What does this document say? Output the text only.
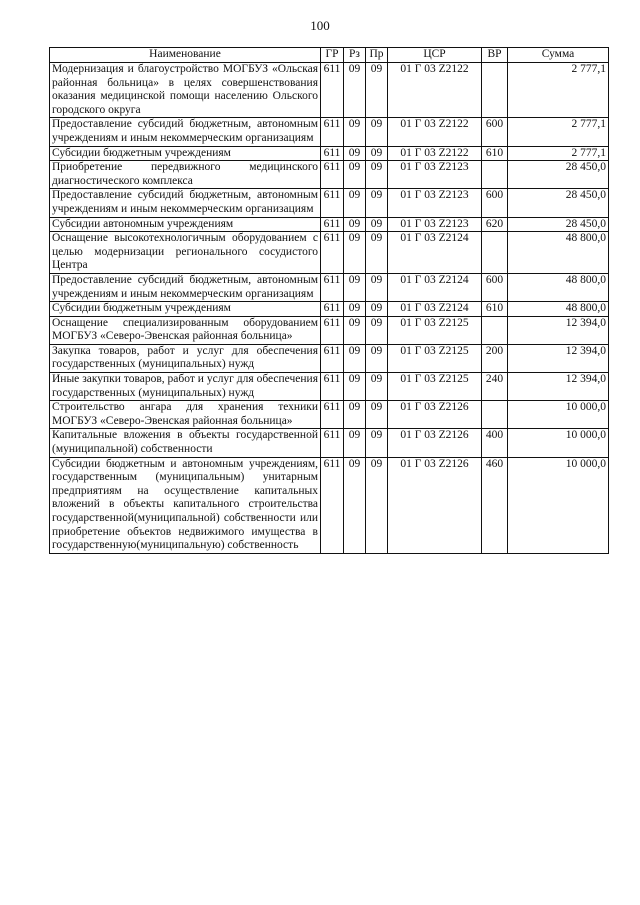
100
Наименование	ГР	Рз	Пр	ЦСР	ВР	Сумма
Модернизация и благоустройство МОГБУЗ «Ольская районная больница» в целях совершенствования оказания медицинской помощи населению Ольского городского округа	611	09	09	01 Г 03 Z2122		2 777,1
Предоставление субсидий бюджетным, автономным учреждениям и иным некоммерческим организациям	611	09	09	01 Г 03 Z2122	600	2 777,1
Субсидии бюджетным учреждениям	611	09	09	01 Г 03 Z2122	610	2 777,1
Приобретение передвижного медицинского диагностического комплекса	611	09	09	01 Г 03 Z2123		28 450,0
Предоставление субсидий бюджетным, автономным учреждениям и иным некоммерческим организациям	611	09	09	01 Г 03 Z2123	600	28 450,0
Субсидии автономным учреждениям	611	09	09	01 Г 03 Z2123	620	28 450,0
Оснащение высокотехнологичным оборудованием с целью модернизации регионального сосудистого Центра	611	09	09	01 Г 03 Z2124		48 800,0
Предоставление субсидий бюджетным, автономным учреждениям и иным некоммерческим организациям	611	09	09	01 Г 03 Z2124	600	48 800,0
Субсидии бюджетным учреждениям	611	09	09	01 Г 03 Z2124	610	48 800,0
Оснащение специализированным оборудованием МОГБУЗ «Северо-Эвенская районная больница»	611	09	09	01 Г 03 Z2125		12 394,0
Закупка товаров, работ и услуг для обеспечения государственных (муниципальных) нужд	611	09	09	01 Г 03 Z2125	200	12 394,0
Иные закупки товаров, работ и услуг для обеспечения государственных (муниципальных) нужд	611	09	09	01 Г 03 Z2125	240	12 394,0
Строительство ангара для хранения техники МОГБУЗ «Северо-Эвенская районная больница»	611	09	09	01 Г 03 Z2126		10 000,0
Капитальные вложения в объекты государственной (муниципальной) собственности	611	09	09	01 Г 03 Z2126	400	10 000,0
Субсидии бюджетным и автономным учреждениям, государственным (муниципальным) унитарным предприятиям на осуществление капитальных вложений в объекты капитального строительства государственной(муниципальной) собственности или приобретение объектов недвижимого имущества в государственную(муниципальную) собственность	611	09	09	01 Г 03 Z2126	460	10 000,0
